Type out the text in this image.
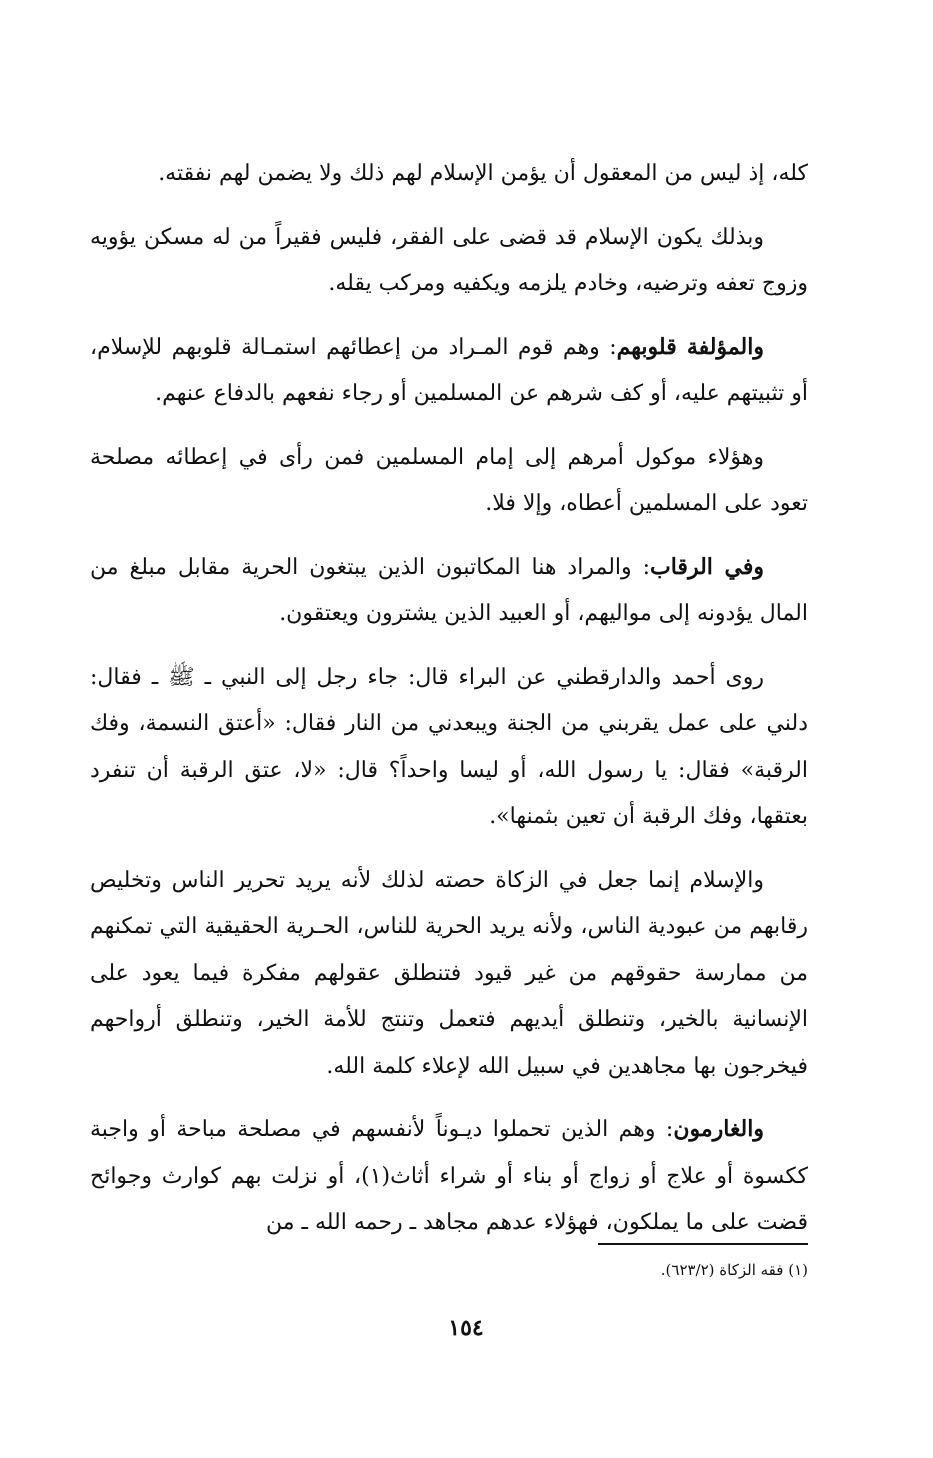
كله، إذ ليس من المعقول أن يؤمن الإسلام لهم ذلك ولا يضمن لهم نفقته.

وبذلك يكون الإسلام قد قضى على الفقر، فليس فقيراً من له مسكن يؤويه وزوج تعفه وترضيه، وخادم يلزمه ويكفيه ومركب يقله.

والمؤلفة قلوبهم: وهم قوم المـراد من إعطائهم استمـالة قلوبهم للإسلام، أو تثبيتهم عليه، أو كف شرهم عن المسلمين أو رجاء نفعهم بالدفاع عنهم.

وهؤلاء موكول أمرهم إلى إمام المسلمين فمن رأى في إعطائه مصلحة تعود على المسلمين أعطاه، وإلا فلا.

وفي الرقاب: والمراد هنا المكاتبون الذين يبتغون الحرية مقابل مبلغ من المال يؤدونه إلى مواليهم، أو العبيد الذين يشترون ويعتقون.

روى أحمد والدارقطني عن البراء قال: جاء رجل إلى النبي ـ ﷺ ـ فقال: دلني على عمل يقربني من الجنة ويبعدني من النار فقال: «أعتق النسمة، وفك الرقبة» فقال: يا رسول الله، أو ليسا واحداً؟ قال: «لا، عتق الرقبة أن تنفرد بعتقها، وفك الرقبة أن تعين بثمنها».

والإسلام إنما جعل في الزكاة حصته لذلك لأنه يريد تحرير الناس وتخليص رقابهم من عبودية الناس، ولأنه يريد الحرية للناس، الحـرية الحقيقية التي تمكنهم من ممارسة حقوقهم من غير قيود فتنطلق عقولهم مفكرة فيما يعود على الإنسانية بالخير، وتنطلق أيديهم فتعمل وتنتج للأمة الخير، وتنطلق أرواحهم فيخرجون بها مجاهدين في سبيل الله لإعلاء كلمة الله.

والغارمون: وهم الذين تحملوا ديـوناً لأنفسهم في مصلحة مباحة أو واجبة ككسوة أو علاج أو زواج أو بناء أو شراء أثاث(١)، أو نزلت بهم كوارث وجوائح قضت على ما يملكون، فهؤلاء عدهم مجاهد ـ رحمه الله ـ من

(١) فقه الزكاة (٦٢٣/٢).
١٥٤
